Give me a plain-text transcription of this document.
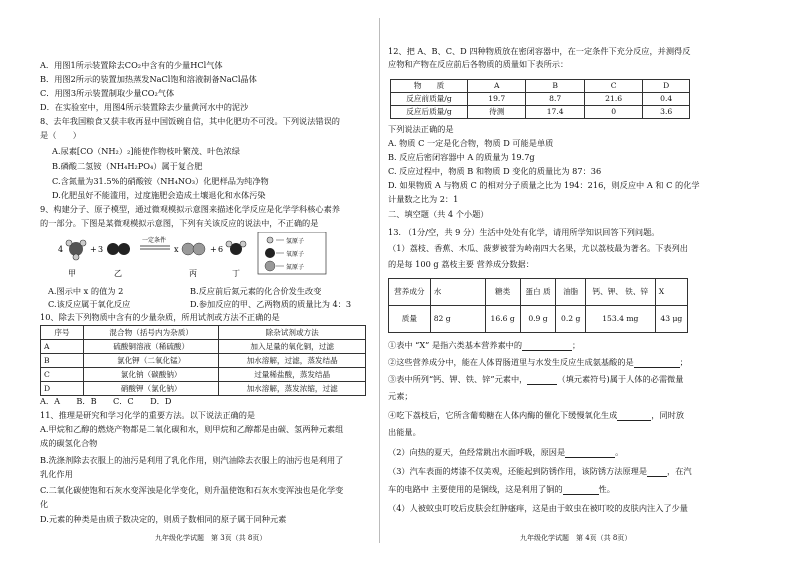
A．用图1所示装置除去CO₂中含有的少量HCl气体
B．用图2所示的装置加热蒸发NaCl饱和溶液制备NaCl晶体
C．用图3所示装置制取少量CO₂气体
D．在实验室中，用图4所示装置除去少量黄河水中的泥沙
8、去年我国粮食又获丰收再显中国饭碗自信，其中化肥功不可没。下列说法错误的
是（　　）
A.尿素[CO（NH₂）₂]能使作物枝叶繁茂、叶色浓绿
B.磷酸二氢铵（NH₄H₂PO₄）属于复合肥
C.含氮量为31.5%的硝酸铵（NH₄NO₃）化肥样品为纯净物
D.化肥虽好不能滥用，过度施肥会造成土壤退化和水体污染
9、构建分子、原子模型，通过微观模拟示意图来描述化学反应是化学学科核心素养
的一部分。下图是某微观模拟示意图，下列有关该反应的说法中，不正确的是
4	+ 3
一定条件
x	+ 6
氢原子
氧原子
氮原子
甲	乙	丙	丁
A.图示中 x 的值为 2	B.反应前后氮元素的化合价发生改变
C.该反应属于氧化反应	D.参加反应的甲、乙两物质的质量比为 4：3
10、除去下列物质中含有的少量杂质，所用试剂或方法不正确的是
序号	混合物（括号内为杂质）	除杂试剂或方法
A	硫酸铜溶液（稀硫酸）	加入足量的氧化铜，过滤
B	氯化钾（二氧化锰）	加水溶解，过滤，蒸发结晶
C	氯化钠（碳酸钠）	过量稀盐酸，蒸发结晶
D	硝酸钾（氯化钠）	加水溶解，蒸发浓缩，过滤
A．A　　B．B　　C．C　　D．D
11、推理是研究和学习化学的重要方法。以下说法正确的是
A.甲烷和乙醇的燃烧产物都是二氧化碳和水，则甲烷和乙醇都是由碳、氢两种元素组
成的碳氢化合物
B.洗涤剂除去衣服上的油污是利用了乳化作用，则汽油除去衣服上的油污也是利用了
乳化作用
C.二氧化碳使饱和石灰水变浑浊是化学变化，则升温使饱和石灰水变浑浊也是化学变
化
D.元素的种类是由质子数决定的，则质子数相同的原子属于同种元素
九年级化学试题　第 3页（共 8页）
12、把 A、B、C、D 四种物质放在密闭容器中，在一定条件下充分反应，并测得反
应物和产物在反应前后各物质的质量如下表所示：
物　　质	A	B	C	D
反应前质量/g	19.7	8.7	21.6	0.4
反应后质量/g	待测	17.4	0	3.6
下列说法正确的是
A. 物质 C 一定是化合物，物质 D 可能是单质
B. 反应后密闭容器中 A 的质量为 19.7g
C. 反应过程中，物质 B 和物质 D 变化的质量比为 87：36
D. 如果物质 A 与物质 C 的相对分子质量之比为 194：216，则反应中 A 和 C 的化学
计量数之比为 2：1
二、填空题（共 4 个小题）
13. （1分/空，共 9 分）生活中处处有化学，请用所学知识回答下列问题。
（1）荔枝、香蕉、木瓜、菠萝被誉为岭南四大名果，尤以荔枝最为著名。下表列出
的是每 100 g 荔枝主要 营养成分数据：
营养成分	水	糖类	蛋白 质	油脂	钙、钾、 铁、锌	X
质量	82 g	16.6 g	0.9 g	0.2 g	153.4 mg	43 μg
①表中 “X” 是指六类基本营养素中的	；
②这些营养成分中，能在人体胃肠道里与水发生反应生成氨基酸的是	；
③表中所列“钙、钾、铁、锌”元素中，	（填元素符号)属于人体的必需微量
元素；
④吃下荔枝后，它所含葡萄糖在人体内酶的催化下缓慢氧化生成	，同时放
出能量。
（2）向热的夏天，鱼经常跳出水面呼吸，原因是	。
（3）汽车表面的烤漆不仅美观，还能起到防锈作用，该防锈方法原理是 ，在汽
车的电路中 主要使用的是铜线，这是利用了铜的	性。
（4）人被蚊虫叮咬后皮肤会红肿瘙痒，这是由于蚊虫在被叮咬的皮肤内注入了少量
九年级化学试题　第 4页（共 8页）
